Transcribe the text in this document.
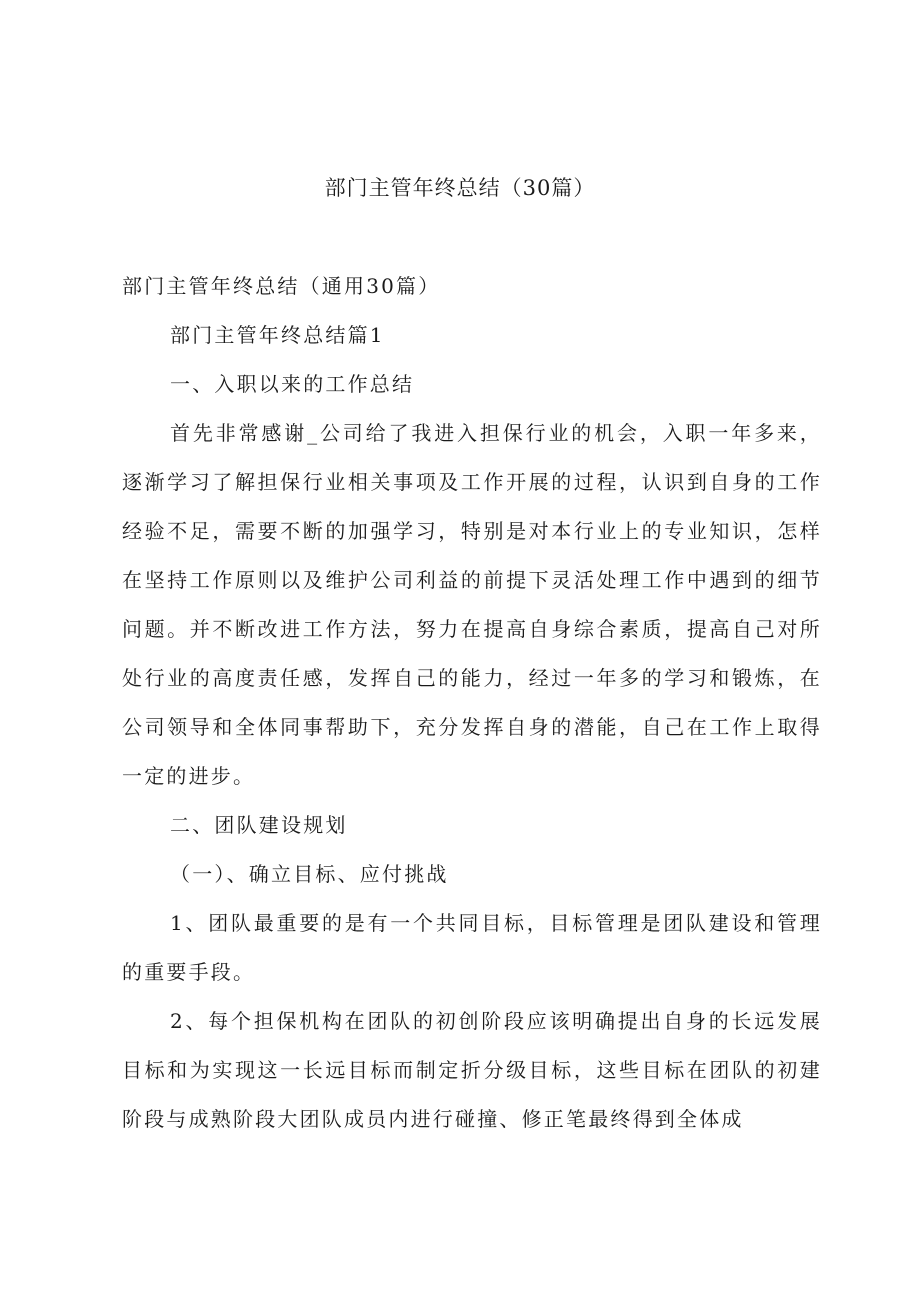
部门主管年终总结（30篇）

部门主管年终总结（通用30篇）

部门主管年终总结篇1

一、入职以来的工作总结

首先非常感谢_公司给了我进入担保行业的机会，入职一年多来，逐渐学习了解担保行业相关事项及工作开展的过程，认识到自身的工作经验不足，需要不断的加强学习，特别是对本行业上的专业知识，怎样在坚持工作原则以及维护公司利益的前提下灵活处理工作中遇到的细节问题。并不断改进工作方法，努力在提高自身综合素质，提高自己对所处行业的高度责任感，发挥自己的能力，经过一年多的学习和锻炼，在公司领导和全体同事帮助下，充分发挥自身的潜能，自己在工作上取得一定的进步。

二、团队建设规划

（一）、确立目标、应付挑战

1、团队最重要的是有一个共同目标，目标管理是团队建设和管理的重要手段。

2、每个担保机构在团队的初创阶段应该明确提出自身的长远发展目标和为实现这一长远目标而制定折分级目标，这些目标在团队的初建阶段与成熟阶段大团队成员内进行碰撞、修正笔最终得到全体成
